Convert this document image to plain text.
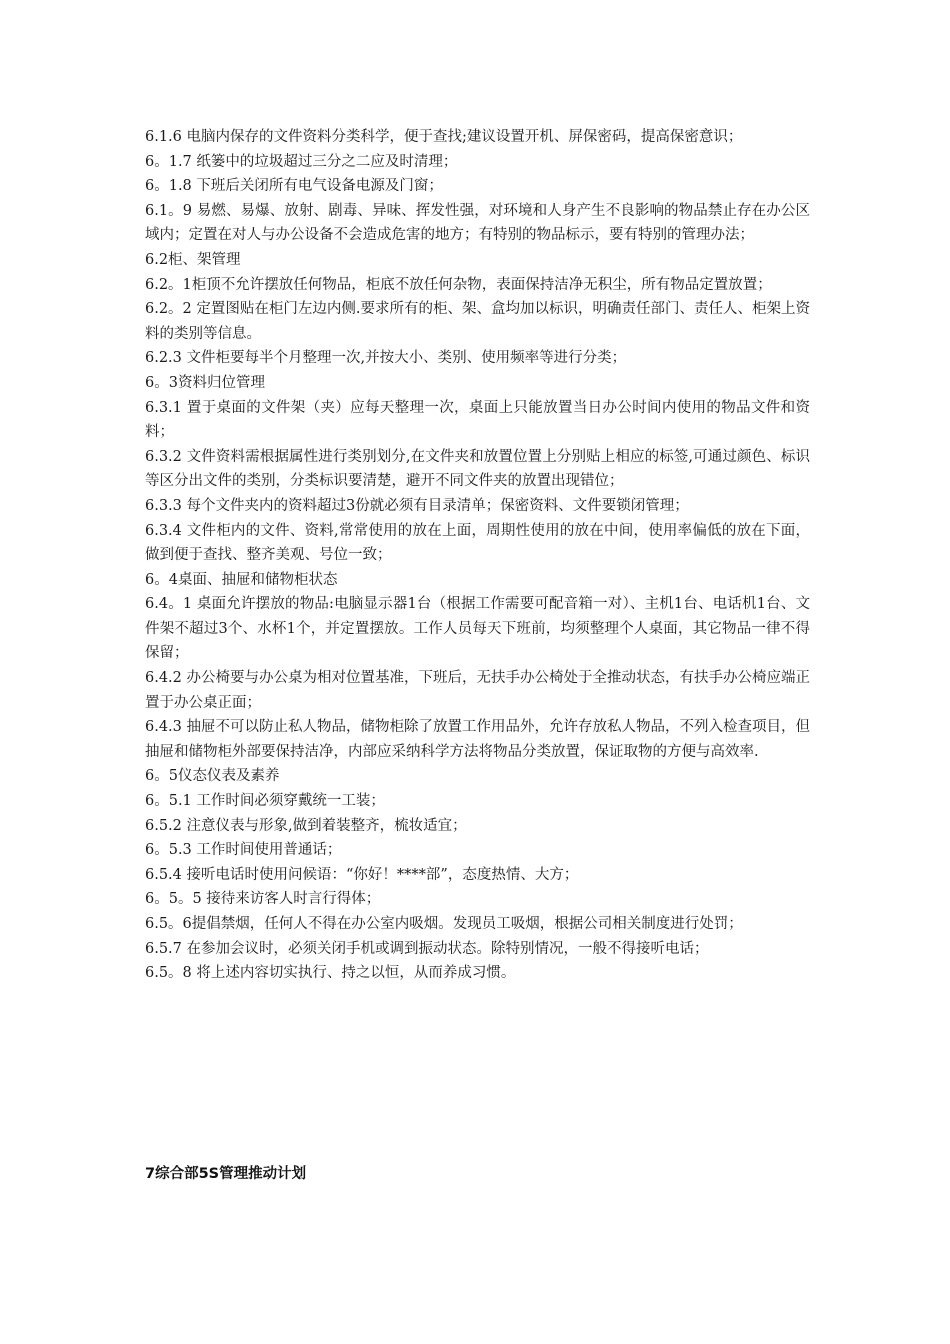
6.1.6 电脑内保存的文件资料分类科学，便于查找;建议设置开机、屏保密码，提高保密意识；

6。1.7 纸篓中的垃圾超过三分之二应及时清理；

6。1.8 下班后关闭所有电气设备电源及门窗；

6.1。9 易燃、易爆、放射、剧毒、异味、挥发性强，对环境和人身产生不良影响的物品禁止存在办公区域内；定置在对人与办公设备不会造成危害的地方；有特别的物品标示，要有特别的管理办法；

6.2柜、架管理

6.2。1柜顶不允许摆放任何物品，柜底不放任何杂物，表面保持洁净无积尘，所有物品定置放置；

6.2。2 定置图贴在柜门左边内侧.要求所有的柜、架、盒均加以标识，明确责任部门、责任人、柜架上资料的类别等信息。

6.2.3 文件柜要每半个月整理一次,并按大小、类别、使用频率等进行分类；

6。3资料归位管理

6.3.1 置于桌面的文件架（夹）应每天整理一次，桌面上只能放置当日办公时间内使用的物品文件和资料；

6.3.2 文件资料需根据属性进行类别划分,在文件夹和放置位置上分别贴上相应的标签,可通过颜色、标识等区分出文件的类别，分类标识要清楚，避开不同文件夹的放置出现错位；

6.3.3 每个文件夹内的资料超过3份就必须有目录清单；保密资料、文件要锁闭管理；

6.3.4 文件柜内的文件、资料,常常使用的放在上面，周期性使用的放在中间，使用率偏低的放在下面，做到便于查找、整齐美观、号位一致；

6。4桌面、抽屉和储物柜状态

6.4。1 桌面允许摆放的物品:电脑显示器1台（根据工作需要可配音箱一对）、主机1台、电话机1台、文件架不超过3个、水杯1个，并定置摆放。工作人员每天下班前，均须整理个人桌面，其它物品一律不得保留；

6.4.2 办公椅要与办公桌为相对位置基准，下班后，无扶手办公椅处于全推动状态，有扶手办公椅应端正置于办公桌正面；

6.4.3 抽屉不可以防止私人物品，储物柜除了放置工作用品外，允许存放私人物品，不列入检查项目，但抽屉和储物柜外部要保持洁净，内部应采纳科学方法将物品分类放置，保证取物的方便与高效率.

6。5仪态仪表及素养

6。5.1 工作时间必须穿戴统一工装；

6.5.2 注意仪表与形象,做到着装整齐，梳妆适宜；

6。5.3 工作时间使用普通话；

6.5.4 接听电话时使用问候语：“你好！****部”，态度热情、大方；

6。5。5 接待来访客人时言行得体；

6.5。6提倡禁烟，任何人不得在办公室内吸烟。发现员工吸烟，根据公司相关制度进行处罚；

6.5.7 在参加会议时，必须关闭手机或调到振动状态。除特别情况，一般不得接听电话；

6.5。8 将上述内容切实执行、持之以恒，从而养成习惯。

7综合部5S管理推动计划
